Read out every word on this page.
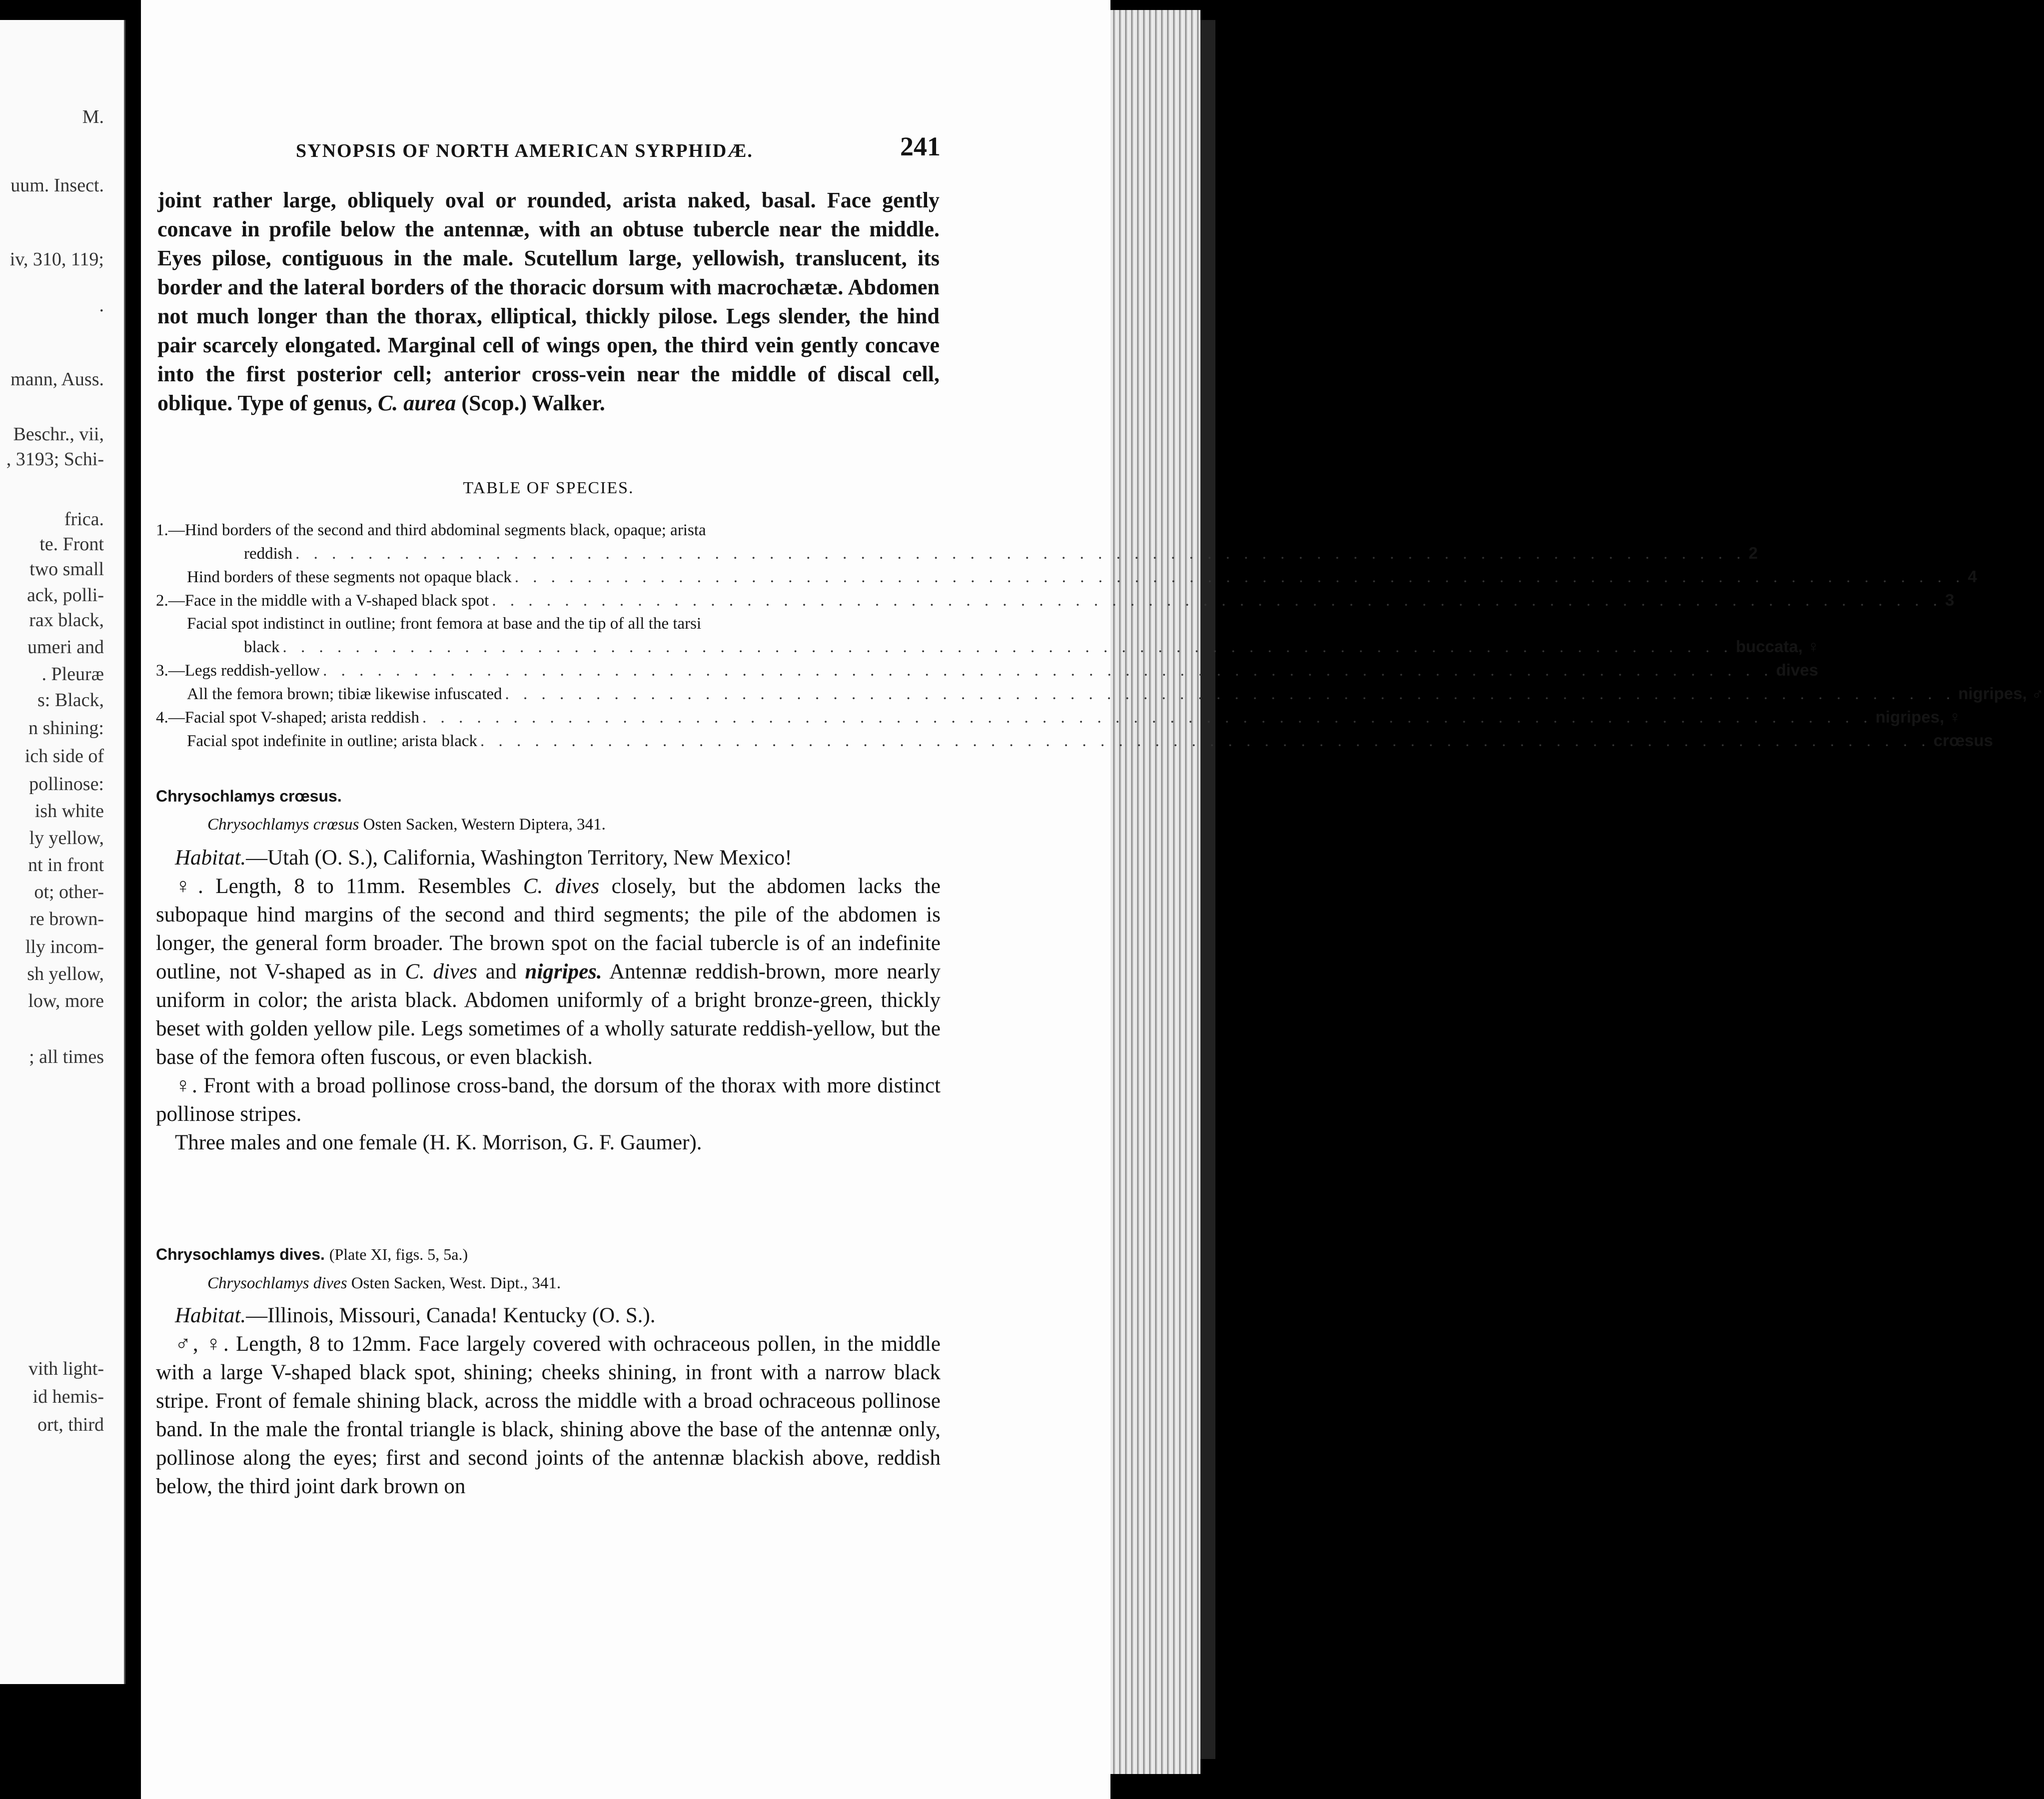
M.
uum. Insect.
iv, 310, 119;
.
mann, Auss.
Beschr., vii,
, 3193; Schi-
frica.
te. Front
two small
ack, polli-
rax black,
umeri and
. Pleuræ
s: Black,
n shining:
ich side of
pollinose:
ish white
ly yellow,
nt in front
ot; other-
re brown-
lly incom-
sh yellow,
low, more
; all times
vith light-
id hemis-
ort, third
SYNOPSIS OF NORTH AMERICAN SYRPHIDÆ.	241

joint rather large, obliquely oval or rounded, arista naked, basal. Face gently concave in profile below the antennæ, with an obtuse tubercle near the middle. Eyes pilose, contiguous in the male. Scutellum large, yellowish, translucent, its border and the lateral borders of the thoracic dorsum with macrochætæ. Abdomen not much longer than the thorax, elliptical, thickly pilose. Legs slender, the hind pair scarcely elongated. Marginal cell of wings open, the third vein gently concave into the first posterior cell; anterior cross-vein near the middle of discal cell, oblique. Type of genus, C. aurea (Scop.) Walker.

TABLE OF SPECIES.
1.—Hind borders of the second and third abdominal segments black, opaque; arista
reddish . . . . . . . . . . . . . . . . . . . . . . . . . . . . . . . . . . . . . . . . . . . . . . . . . . . . . . . . . . . . . . . . . . . . . . . . . . . . . . . . 2
Hind borders of these segments not opaque black . . . . . . . . . . . . . . . . . . . . . . . . . . . . . . . . . . . . . . . . . . . . . . . . . . . . . . . . . . . . . . . . . . . . . . . . . . . . . . . . 4
2.—Face in the middle with a V-shaped black spot . . . . . . . . . . . . . . . . . . . . . . . . . . . . . . . . . . . . . . . . . . . . . . . . . . . . . . . . . . . . . . . . . . . . . . . . . . . . . . . . 3
Facial spot indistinct in outline; front femora at base and the tip of all the tarsi
black . . . . . . . . . . . . . . . . . . . . . . . . . . . . . . . . . . . . . . . . . . . . . . . . . . . . . . . . . . . . . . . . . . . . . . . . . . . . . . . . buccata, ♀
3.—Legs reddish-yellow . . . . . . . . . . . . . . . . . . . . . . . . . . . . . . . . . . . . . . . . . . . . . . . . . . . . . . . . . . . . . . . . . . . . . . . . . . . . . . . . dives
All the femora brown; tibiæ likewise infuscated . . . . . . . . . . . . . . . . . . . . . . . . . . . . . . . . . . . . . . . . . . . . . . . . . . . . . . . . . . . . . . . . . . . . . . . . . . . . . . . . nigripes, ♂
4.—Facial spot V-shaped; arista reddish . . . . . . . . . . . . . . . . . . . . . . . . . . . . . . . . . . . . . . . . . . . . . . . . . . . . . . . . . . . . . . . . . . . . . . . . . . . . . . . . nigripes, ♀
Facial spot indefinite in outline; arista black . . . . . . . . . . . . . . . . . . . . . . . . . . . . . . . . . . . . . . . . . . . . . . . . . . . . . . . . . . . . . . . . . . . . . . . . . . . . . . . . crœsus
Chrysochlamys crœsus.
Chrysochlamys crœsus Osten Sacken, Western Diptera, 341.

Habitat.—Utah (O. S.), California, Washington Territory, New Mexico!

♀. Length, 8 to 11mm. Resembles C. dives closely, but the abdomen lacks the subopaque hind margins of the second and third segments; the pile of the abdomen is longer, the general form broader. The brown spot on the facial tubercle is of an indefinite outline, not V-shaped as in C. dives and nigripes. Antennæ reddish-brown, more nearly uniform in color; the arista black. Abdomen uniformly of a bright bronze-green, thickly beset with golden yellow pile. Legs sometimes of a wholly saturate reddish-yellow, but the base of the femora often fuscous, or even blackish.

♀. Front with a broad pollinose cross-band, the dorsum of the thorax with more distinct pollinose stripes.

Three males and one female (H. K. Morrison, G. F. Gaumer).

Chrysochlamys dives. (Plate XI, figs. 5, 5a.)
Chrysochlamys dives Osten Sacken, West. Dipt., 341.

Habitat.—Illinois, Missouri, Canada! Kentucky (O. S.).

♂, ♀. Length, 8 to 12mm. Face largely covered with ochraceous pollen, in the middle with a large V-shaped black spot, shining; cheeks shining, in front with a narrow black stripe. Front of female shining black, across the middle with a broad ochraceous pollinose band. In the male the frontal triangle is black, shining above the base of the antennæ only, pollinose along the eyes; first and second joints of the antennæ blackish above, reddish below, the third joint dark brown on
